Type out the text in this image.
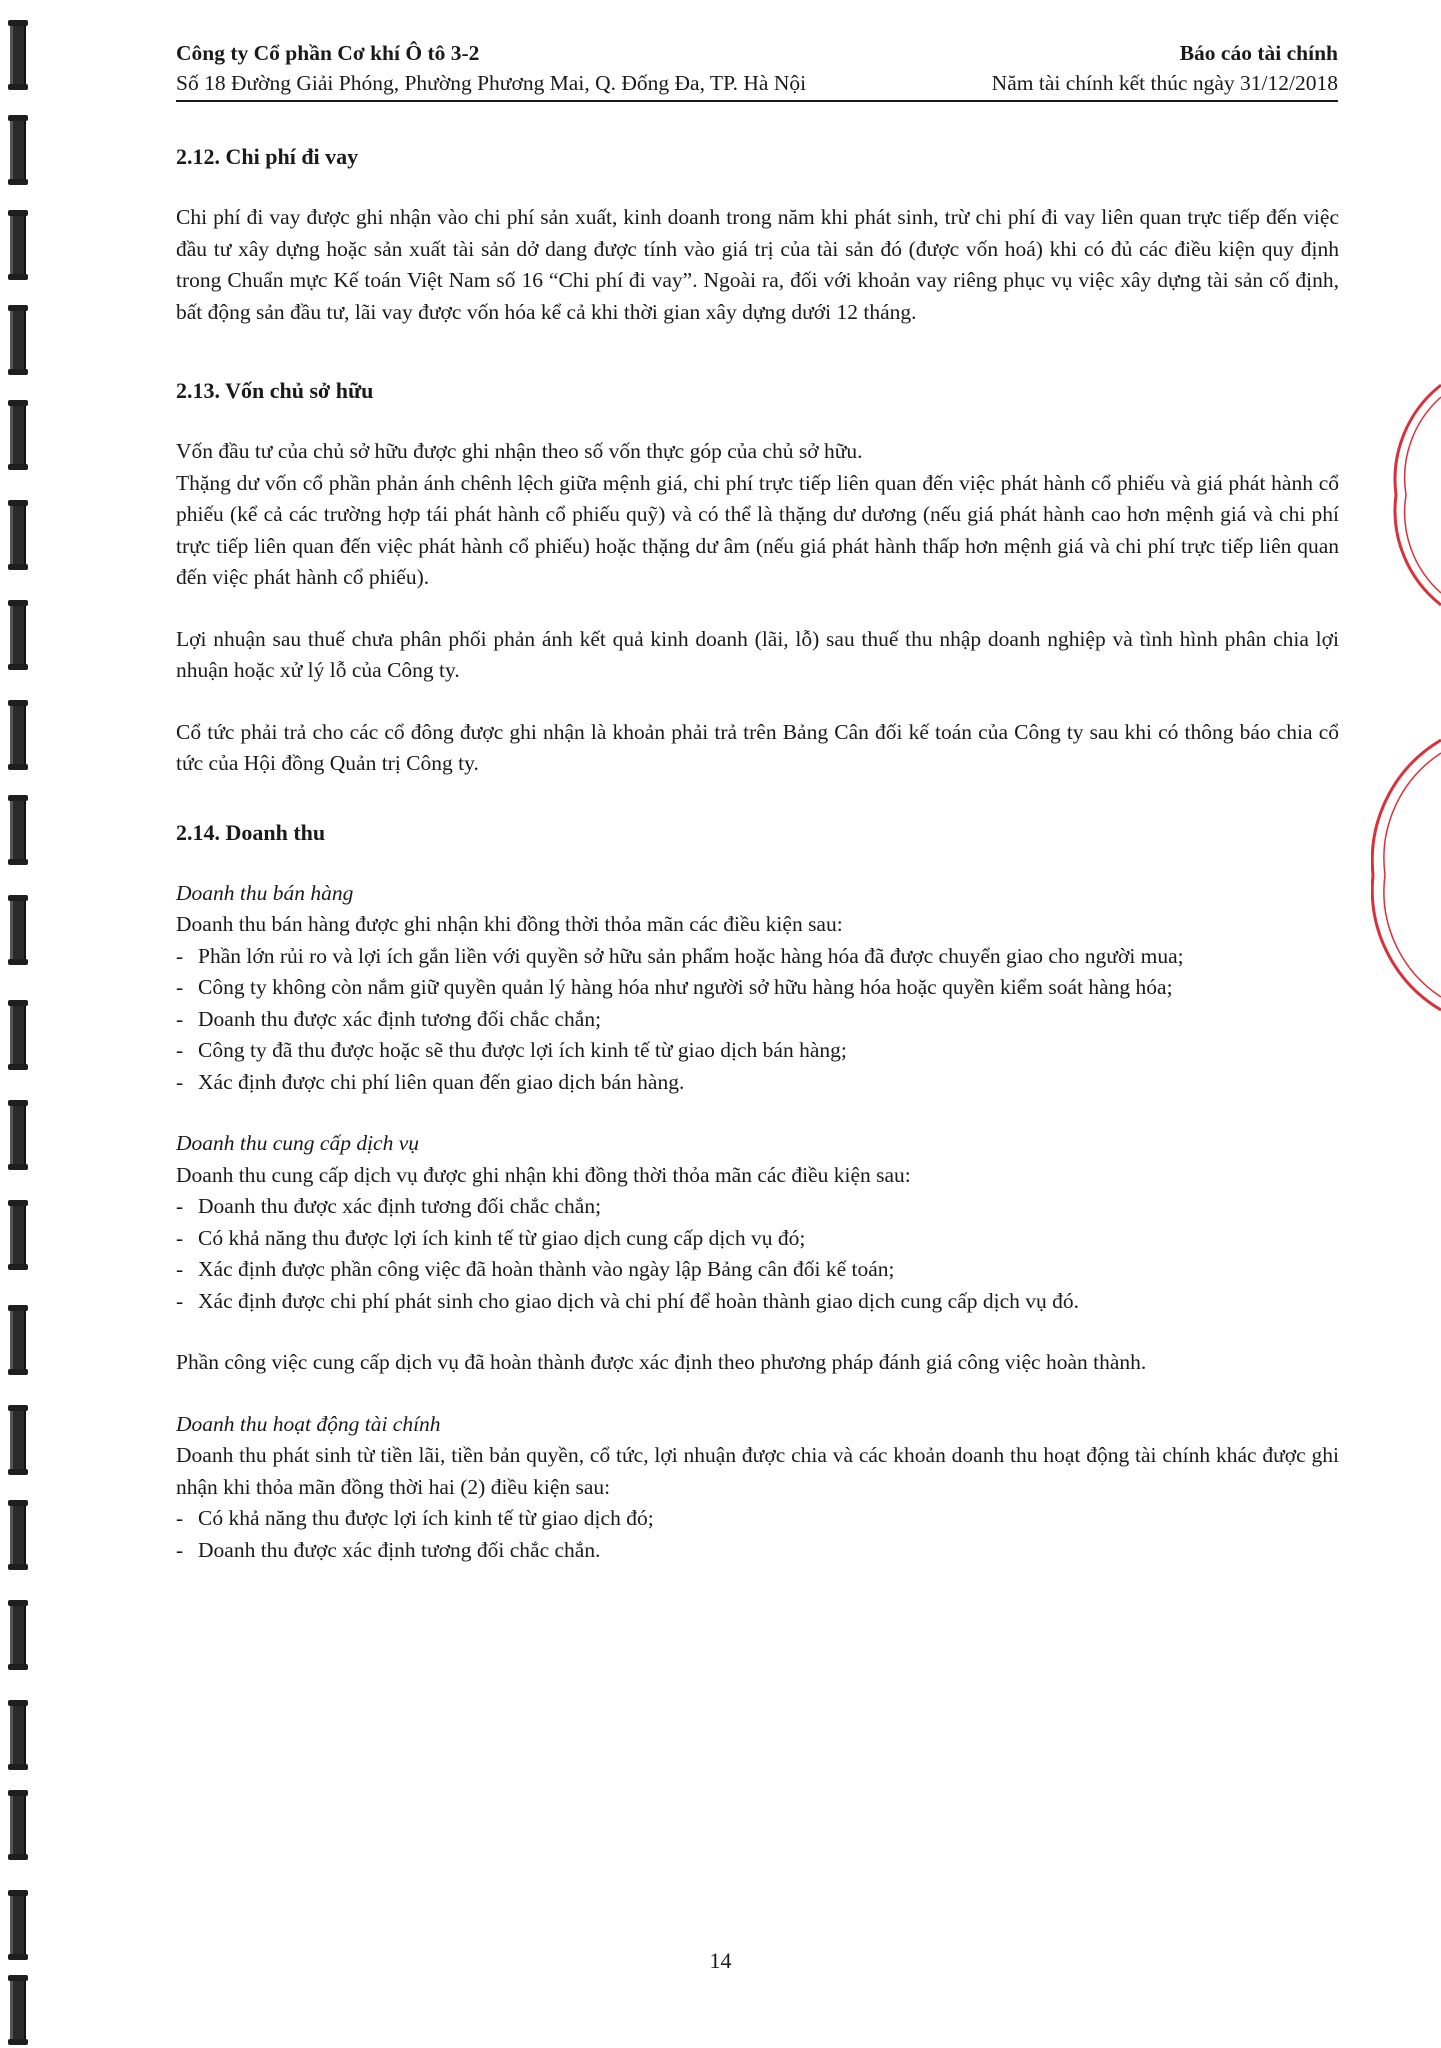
Công ty Cổ phần Cơ khí Ô tô 3-2	Báo cáo tài chính
Số 18 Đường Giải Phóng, Phường Phương Mai, Q. Đống Đa, TP. Hà Nội	Năm tài chính kết thúc ngày 31/12/2018
2.12. Chi phí đi vay

Chi phí đi vay được ghi nhận vào chi phí sản xuất, kinh doanh trong năm khi phát sinh, trừ chi phí đi vay liên quan trực tiếp đến việc đầu tư xây dựng hoặc sản xuất tài sản dở dang được tính vào giá trị của tài sản đó (được vốn hoá) khi có đủ các điều kiện quy định trong Chuẩn mực Kế toán Việt Nam số 16 “Chi phí đi vay”. Ngoài ra, đối với khoản vay riêng phục vụ việc xây dựng tài sản cố định, bất động sản đầu tư, lãi vay được vốn hóa kể cả khi thời gian xây dựng dưới 12 tháng.

2.13. Vốn chủ sở hữu

Vốn đầu tư của chủ sở hữu được ghi nhận theo số vốn thực góp của chủ sở hữu.

Thặng dư vốn cổ phần phản ánh chênh lệch giữa mệnh giá, chi phí trực tiếp liên quan đến việc phát hành cổ phiếu và giá phát hành cổ phiếu (kể cả các trường hợp tái phát hành cổ phiếu quỹ) và có thể là thặng dư dương (nếu giá phát hành cao hơn mệnh giá và chi phí trực tiếp liên quan đến việc phát hành cổ phiếu) hoặc thặng dư âm (nếu giá phát hành thấp hơn mệnh giá và chi phí trực tiếp liên quan đến việc phát hành cổ phiếu).

Lợi nhuận sau thuế chưa phân phối phản ánh kết quả kinh doanh (lãi, lỗ) sau thuế thu nhập doanh nghiệp và tình hình phân chia lợi nhuận hoặc xử lý lỗ của Công ty.

Cổ tức phải trả cho các cổ đông được ghi nhận là khoản phải trả trên Bảng Cân đối kế toán của Công ty sau khi có thông báo chia cổ tức của Hội đồng Quản trị Công ty.

2.14. Doanh thu

Doanh thu bán hàng

Doanh thu bán hàng được ghi nhận khi đồng thời thỏa mãn các điều kiện sau:

- Phần lớn rủi ro và lợi ích gắn liền với quyền sở hữu sản phẩm hoặc hàng hóa đã được chuyển giao cho người mua;
- Công ty không còn nắm giữ quyền quản lý hàng hóa như người sở hữu hàng hóa hoặc quyền kiểm soát hàng hóa;
- Doanh thu được xác định tương đối chắc chắn;
- Công ty đã thu được hoặc sẽ thu được lợi ích kinh tế từ giao dịch bán hàng;
- Xác định được chi phí liên quan đến giao dịch bán hàng.

Doanh thu cung cấp dịch vụ

Doanh thu cung cấp dịch vụ được ghi nhận khi đồng thời thỏa mãn các điều kiện sau:

- Doanh thu được xác định tương đối chắc chắn;
- Có khả năng thu được lợi ích kinh tế từ giao dịch cung cấp dịch vụ đó;
- Xác định được phần công việc đã hoàn thành vào ngày lập Bảng cân đối kế toán;
- Xác định được chi phí phát sinh cho giao dịch và chi phí để hoàn thành giao dịch cung cấp dịch vụ đó.

Phần công việc cung cấp dịch vụ đã hoàn thành được xác định theo phương pháp đánh giá công việc hoàn thành.

Doanh thu hoạt động tài chính

Doanh thu phát sinh từ tiền lãi, tiền bản quyền, cổ tức, lợi nhuận được chia và các khoản doanh thu hoạt động tài chính khác được ghi nhận khi thỏa mãn đồng thời hai (2) điều kiện sau:

- Có khả năng thu được lợi ích kinh tế từ giao dịch đó;
- Doanh thu được xác định tương đối chắc chắn.
14
